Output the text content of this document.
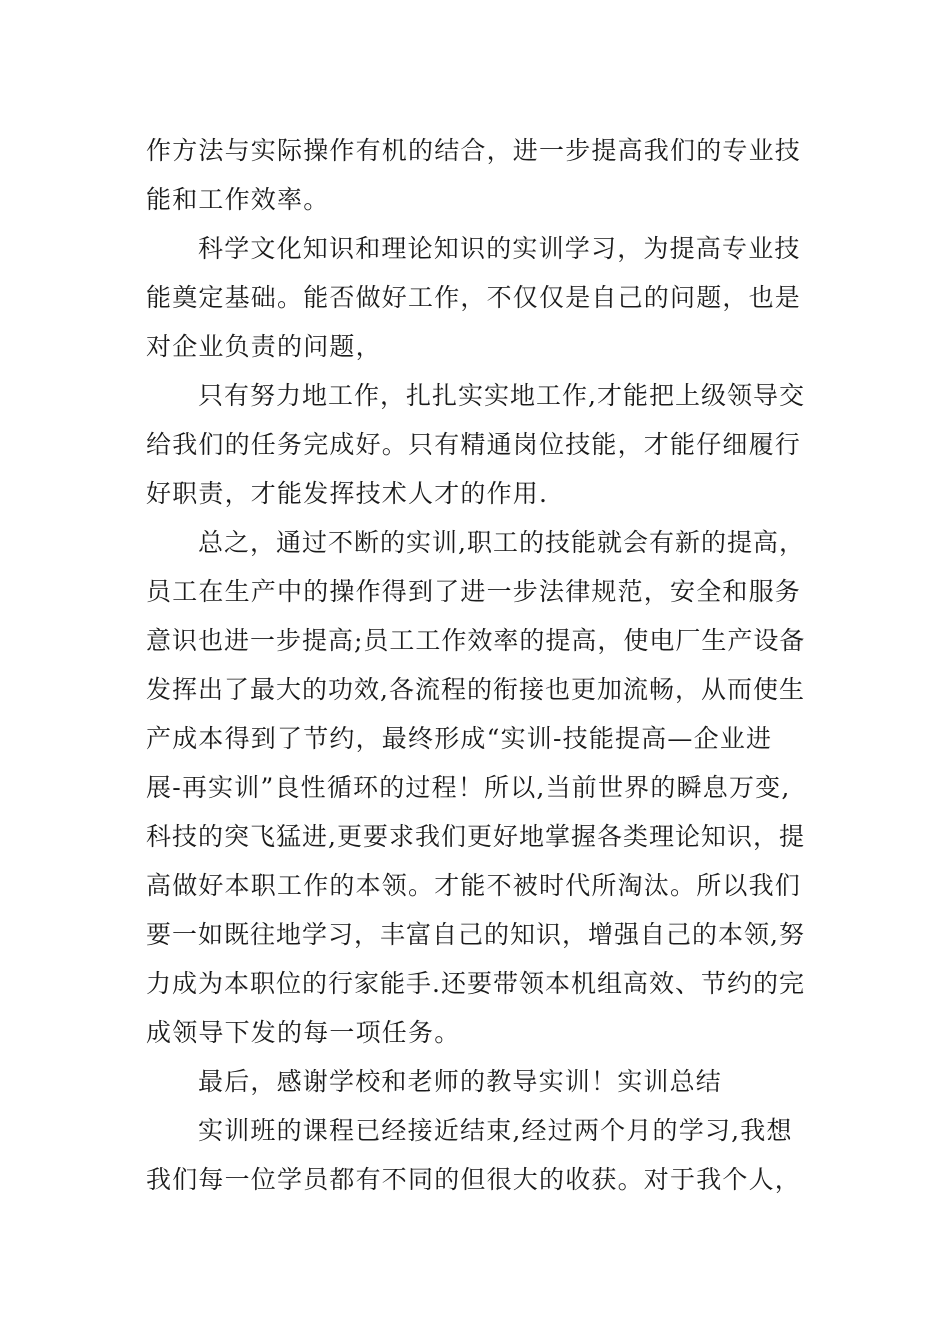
作方法与实际操作有机的结合，进一步提高我们的专业技
能和工作效率。
科学文化知识和理论知识的实训学习，为提高专业技
能奠定基础。能否做好工作，不仅仅是自己的问题，也是
对企业负责的问题，
只有努力地工作，扎扎实实地工作,才能把上级领导交
给我们的任务完成好。只有精通岗位技能，才能仔细履行
好职责，才能发挥技术人才的作用.
总之，通过不断的实训,职工的技能就会有新的提高，
员工在生产中的操作得到了进一步法律规范，安全和服务
意识也进一步提高;员工工作效率的提高，使电厂生产设备
发挥出了最大的功效,各流程的衔接也更加流畅，从而使生
产成本得到了节约，最终形成“实训-技能提高—企业进
展-再实训”良性循环的过程！所以,当前世界的瞬息万变,
科技的突飞猛进,更要求我们更好地掌握各类理论知识，提
高做好本职工作的本领。才能不被时代所淘汰。所以我们
要一如既往地学习，丰富自己的知识，增强自己的本领,努
力成为本职位的行家能手.还要带领本机组高效、节约的完
成领导下发的每一项任务。
最后，感谢学校和老师的教导实训！实训总结
实训班的课程已经接近结束,经过两个月的学习,我想
我们每一位学员都有不同的但很大的收获。对于我个人，
